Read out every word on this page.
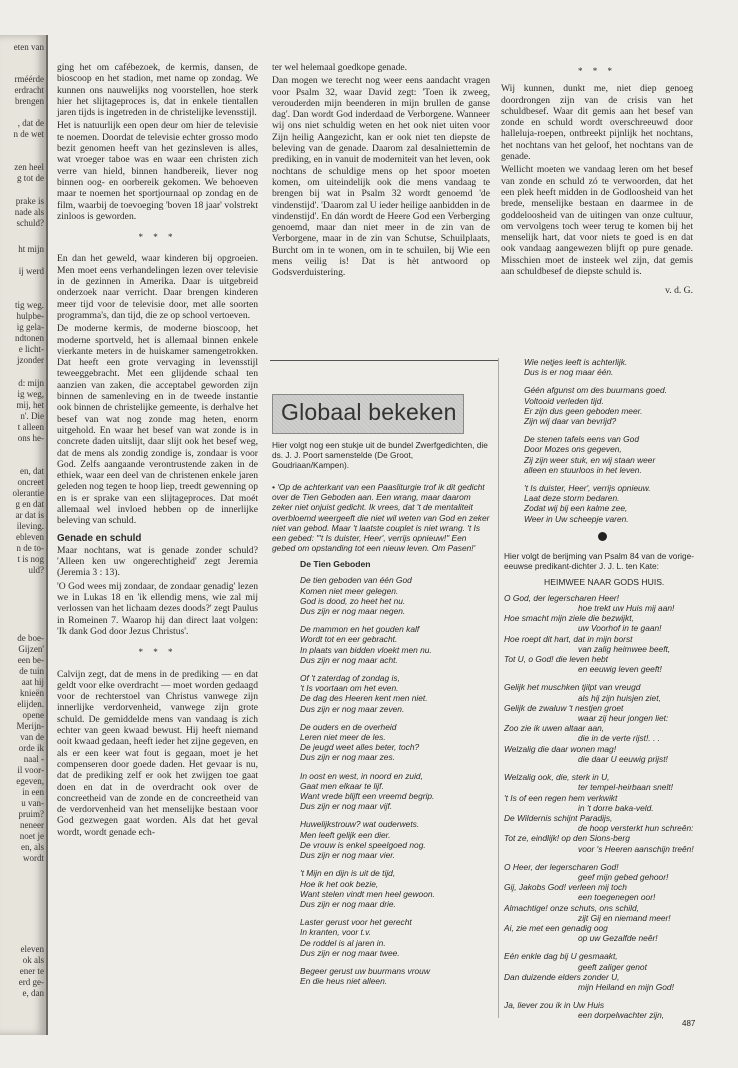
eten van
rméérde
erdracht
brengen
, dat de
n de wet
zen heel
g tot de
prake is
nade als
schuld?
ht mijn
ij werd
tig weg.
hulpbe-
ig gela-
ndtonen
e licht-
jzonder
d: mijn
ig weg,
mij, het
n'. Die
t alleen
ons he-
en, dat
oncreet
olerantie
g en dat
ar dat is
ileving.
ebleven
n de to-
t is nog
uld?
de boe-
Gijzen'
een be-
de tuin
aat hij
knieën
elijden.
opene
Merijn-
van de
orde ik
naal -
il voor-
egeven,
in een
u van-
pruim?
neneer
noet je
en, als
wordt
eleven
ok als
ener te
erd ge-
e, dan

ging het om cafébezoek, de kermis, dansen, de bioscoop en het stadion, met name op zondag. We kunnen ons nauwelijks nog voorstellen, hoe sterk hier het slijtageproces is, dat in enkele tientallen jaren tijds is ingetreden in de christelijke levensstijl.

Het is natuurlijk een open deur om hier de televisie te noemen. Doordat de televisie echter grosso modo bezit genomen heeft van het gezinsleven is alles, wat vroeger taboe was en waar een christen zich verre van hield, binnen handbereik, liever nog binnen oog- en oorbereik gekomen. We behoeven maar te noemen het sportjournaal op zondag en de film, waarbij de toevoeging 'boven 18 jaar' volstrekt zinloos is geworden.

* * *

En dan het geweld, waar kinderen bij opgroeien. Men moet eens verhandelingen lezen over televisie in de gezinnen in Amerika. Daar is uitgebreid onderzoek naar verricht. Daar brengen kinderen meer tijd voor de televisie door, met alle soorten programma's, dan tijd, die ze op school vertoeven.

De moderne kermis, de moderne bioscoop, het moderne sportveld, het is allemaal binnen enkele vierkante meters in de huiskamer samengetrokken. Dat heeft een grote vervaging in levensstijl teweeggebracht. Met een glijdende schaal ten aanzien van zaken, die acceptabel geworden zijn binnen de samenleving en in de tweede instantie ook binnen de christelijke gemeente, is derhalve het besef van wat nog zonde mag heten, enorm uitgehold. En waar het besef van wat zonde is in concrete daden uitslijt, daar slijt ook het besef weg, dat de mens als zondig zondige is, zondaar is voor God. Zelfs aangaande verontrustende zaken in de ethiek, waar een deel van de christenen enkele jaren geleden nog tegen te hoop liep, treedt gewenning op en is er sprake van een slijtageproces. Dat moét allemaal wel invloed hebben op de innerlijke beleving van schuld.

Genade en schuld

Maar nochtans, wat is genade zonder schuld? 'Alleen ken uw ongerechtigheid' zegt Jeremia (Jeremia 3 : 13).

'O God wees mij zondaar, de zondaar genadig' lezen we in Lukas 18 en 'ik ellendig mens, wie zal mij verlossen van het lichaam dezes doods?' zegt Paulus in Romeinen 7. Waarop hij dan direct laat volgen: 'Ik dank God door Jezus Christus'.

* * *

Calvijn zegt, dat de mens in de prediking — en dat geldt voor elke overdracht — moet worden gedaagd voor de rechterstoel van Christus vanwege zijn innerlijke verdorvenheid, vanwege zijn grote schuld. De gemiddelde mens van vandaag is zich echter van geen kwaad bewust. Hij heeft niemand ooit kwaad gedaan, heeft ieder het zijne gegeven, en als er een keer wat fout is gegaan, moet je het compenseren door goede daden. Het gevaar is nu, dat de prediking zelf er ook het zwijgen toe gaat doen en dat in de overdracht ook over de concreetheid van de zonde en de concreetheid van de verdorvenheid van het menselijke bestaan voor God gezwegen gaat worden. Als dat het geval wordt, wordt genade ech-

ter wel helemaal goedkope genade.

Dan mogen we terecht nog weer eens aandacht vragen voor Psalm 32, waar David zegt: 'Toen ik zweeg, verouderden mijn beenderen in mijn brullen de ganse dag'. Dan wordt God inderdaad de Verborgene. Wanneer wij ons niet schuldig weten en het ook niet uiten voor Zijn heilig Aangezicht, kan er ook niet ten diepste de beleving van de genade. Daarom zal desalniettemin de prediking, en in vanuit de moderniteit van het leven, ook nochtans de schuldige mens op het spoor moeten komen, om uiteindelijk ook die mens vandaag te brengen bij wat in Psalm 32 wordt genoemd 'de vindenstijd'. 'Daarom zal U ieder heilige aanbidden in de vindenstijd'. En dán wordt de Heere God een Verberging genoemd, maar dan niet meer in de zin van de Verborgene, maar in de zin van Schutse, Schuilplaats, Burcht om in te wonen, om in te schuilen, bij Wie een mens veilig is! Dat is hèt antwoord op Godsverduistering.

* * *

Wij kunnen, dunkt me, niet diep genoeg doordrongen zijn van de crisis van het schuldbesef. Waar dit gemis aan het besef van zonde en schuld wordt overschreeuwd door halleluja-roepen, ontbreekt pijnlijk het nochtans, het nochtans van het geloof, het nochtans van de genade.

Wellicht moeten we vandaag leren om het besef van zonde en schuld zó te verwoorden, dat het een plek heeft midden in de Godloosheid van het brede, menselijke bestaan en daarmee in de goddeloosheid van de uitingen van onze cultuur, om vervolgens toch weer terug te komen bij het menselijk hart, dat voor niets te goed is en dat ook vandaag aangewezen blijft op pure genade. Misschien moet de insteek wel zijn, dat gemis aan schuldbesef de diepste schuld is.

v. d. G.
Globaal bekeken

Hier volgt nog een stukje uit de bundel Zwerfgedichten, die ds. J. J. Poort samenstelde (De Groot, Goudriaan/Kampen).

• 'Op de achterkant van een Paasliturgie trof ik dit gedicht over de Tien Geboden aan. Een wrang, maar daarom zeker niet onjuist gedicht. Ik vrees, dat 't de mentaliteit overbloemd weergeeft die niet wil weten van God en zeker niet van gebod. Maar 't laatste couplet is niet wrang. 't Is een gebed: "'t Is duister, Heer', verrijs opnieuw!" Een gebed om opstanding tot een nieuw leven. Om Pasen!'

De Tien Geboden
De tien geboden van één God
Komen niet meer gelegen.
God is dood, zo heet het nu.
Dus zijn er nog maar negen.
De mammon en het gouden kalf
Wordt tot en eer gebracht.
In plaats van bidden vloekt men nu.
Dus zijn er nog maar acht.
Of 't zaterdag of zondag is,
't Is voortaan om het even.
De dag des Heeren kent men niet.
Dus zijn er nog maar zeven.
De ouders en de overheid
Leren niet meer de les.
De jeugd weet alles beter, toch?
Dus zijn er nog maar zes.
In oost en west, in noord en zuid,
Gaat men elkaar te lijf.
Want vrede blijft een vreemd begrip.
Dus zijn er nog maar vijf.
Huwelijkstrouw? wat ouderwets.
Men leeft gelijk een dier.
De vrouw is enkel speelgoed nog.
Dus zijn er nog maar vier.
't Mijn en dijn is uit de tijd,
Hoe ik het ook bezie,
Want stelen vindt men heel gewoon.
Dus zijn er nog maar drie.
Laster gerust voor het gerecht
In kranten, voor t.v.
De roddel is al jaren in.
Dus zijn er nog maar twee.
Begeer gerust uw buurmans vrouw
En die heus niet alleen.
Wie netjes leeft is achterlijk.
Dus is er nog maar één.
Géén afgunst om des buurmans goed.
Voltooid verleden tijd.
Er zijn dus geen geboden meer.
Zijn wij daar van bevrijd?
De stenen tafels eens van God
Door Mozes ons gegeven,
Zij zijn weer stuk, en wij staan weer
alleen en stuurloos in het leven.
't Is duister, Heer', verrijs opnieuw.
Laat deze storm bedaren.
Zodat wij bij een kalme zee,
Weer in Uw scheepje varen.

Hier volgt de berijming van Psalm 84 van de vorige-eeuwse predikant-dichter J. J. L. ten Kate:

HEIMWEE NAAR GODS HUIS.
O God, der legerscharen Heer!
hoe trekt uw Huis mij aan!
Hoe smacht mijn ziele die bezwijkt,
uw Voorhof in te gaan!
Hoe roept dit hart, dat in mijn borst
van zalig heimwee beeft,
Tot U, o God! die leven hebt
en eeuwig leven geeft!
Gelijk het muschken tjilpt van vreugd
als hij zijn huisjen ziet,
Gelijk de zwaluw 't nestjen groet
waar zij heur jongen liet:
Zoo zie ik uwen altaar aan,
die in de verte rijst!. . .
Welzalig die daar wonen mag!
die daar U eeuwig prijst!
Welzalig ook, die, sterk in U,
ter tempel-heirbaan snelt!
't Is of een regen hem verkwikt
in 't dorre baka-veld.
De Wildernis schijnt Paradijs,
de hoop versterkt hun schreên:
Tot ze, eindlijk! op den Sions-berg
voor 's Heeren aanschijn treên!
O Heer, der legerscharen God!
geef mijn gebed gehoor!
Gij, Jakobs God! verleen mij toch
een toegenegen oor!
Almachtige! onze schuts, ons schild,
zijt Gij en niemand meer!
Ai, zie met een genadig oog
op uw Gezalfde neêr!
Eén enkle dag bij U gesmaakt,
geeft zaliger genot
Dan duizende elders zonder U,
mijn Heiland en mijn God!
Ja, liever zou ik in Uw Huis
een dorpelwachter zijn,
487
